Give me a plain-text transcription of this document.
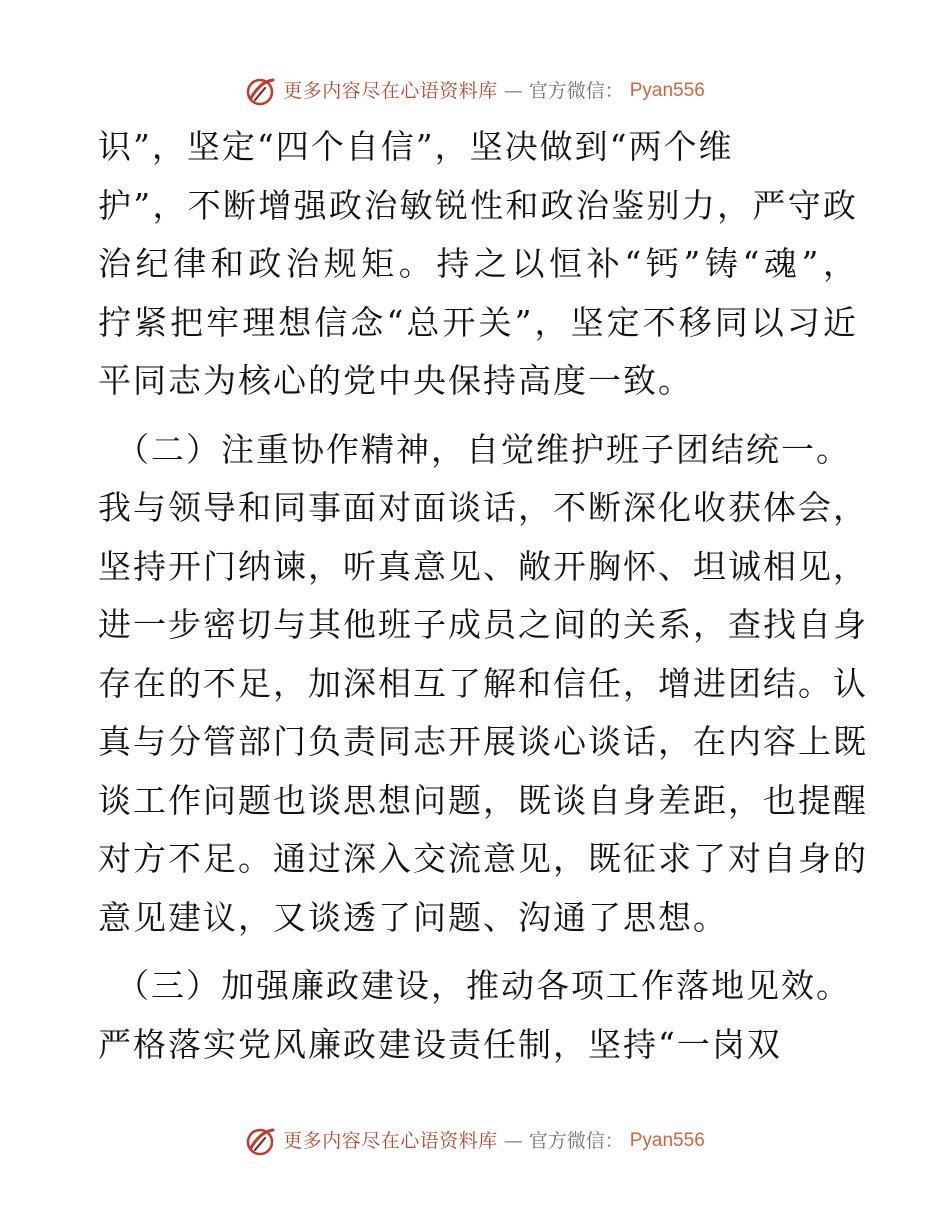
更多内容尽在心语资料库 — 官方微信： Pyan556
识”，坚定“四个自信”，坚决做到“两个维
护”，不断增强政治敏锐性和政治鉴别力，严守政
治纪律和政治规矩。持之以恒补“钙”铸“魂”，
拧紧把牢理想信念“总开关”，坚定不移同以习近
平同志为核心的党中央保持高度一致。
（二）注重协作精神，自觉维护班子团结统一。
我与领导和同事面对面谈话，不断深化收获体会，
坚持开门纳谏，听真意见、敞开胸怀、坦诚相见，
进一步密切与其他班子成员之间的关系，查找自身
存在的不足，加深相互了解和信任，增进团结。认
真与分管部门负责同志开展谈心谈话，在内容上既
谈工作问题也谈思想问题，既谈自身差距，也提醒
对方不足。通过深入交流意见，既征求了对自身的
意见建议，又谈透了问题、沟通了思想。
（三）加强廉政建设，推动各项工作落地见效。
严格落实党风廉政建设责任制，坚持“一岗双
更多内容尽在心语资料库 — 官方微信： Pyan556
